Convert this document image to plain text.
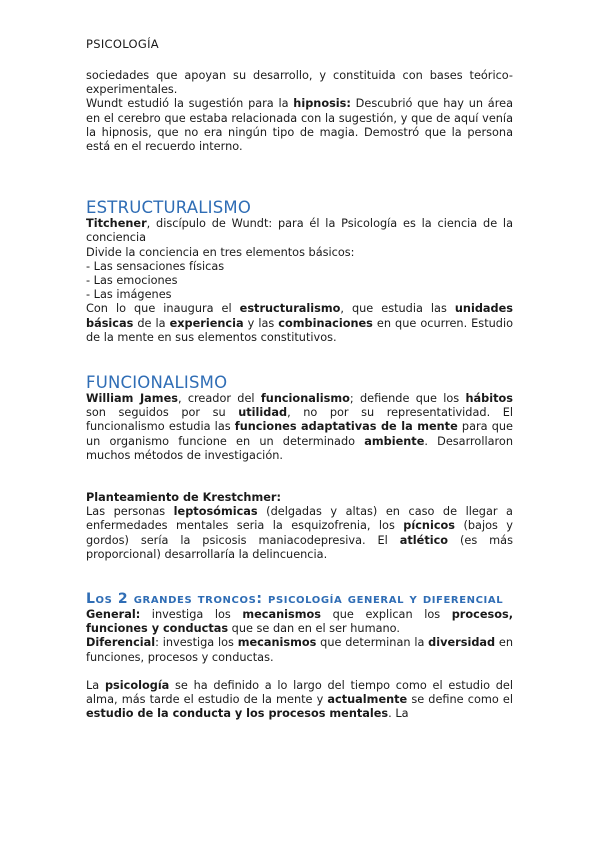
PSICOLOGÍA

sociedades que apoyan su desarrollo, y constituida con bases teórico-experimentales.

Wundt estudió la sugestión para la hipnosis: Descubrió que hay un área en el cerebro que estaba relacionada con la sugestión, y que de aquí venía la hipnosis, que no era ningún tipo de magia. Demostró que la persona está en el recuerdo interno.

ESTRUCTURALISMO

Titchener, discípulo de Wundt: para él la Psicología es la ciencia de la conciencia

Divide la conciencia en tres elementos básicos:

- Las sensaciones físicas

- Las emociones

- Las imágenes

Con lo que inaugura el estructuralismo, que estudia las unidades básicas de la experiencia y las combinaciones en que ocurren. Estudio de la mente en sus elementos constitutivos.

FUNCIONALISMO

William James, creador del funcionalismo; defiende que los hábitos son seguidos por su utilidad, no por su representatividad. El funcionalismo estudia las funciones adaptativas de la mente para que un organismo funcione en un determinado ambiente. Desarrollaron muchos métodos de investigación.

Planteamiento de Krestchmer:

Las personas leptosómicas (delgadas y altas) en caso de llegar a enfermedades mentales seria la esquizofrenia, los pícnicos (bajos y gordos) sería la psicosis maniacodepresiva. El atlético (es más proporcional) desarrollaría la delincuencia.

Los 2 grandes troncos: psicología general y diferencial

General: investiga los mecanismos que explican los procesos, funciones y conductas que se dan en el ser humano.

Diferencial: investiga los mecanismos que determinan la diversidad en funciones, procesos y conductas.

La psicología se ha definido a lo largo del tiempo como el estudio del alma, más tarde el estudio de la mente y actualmente se define como el estudio de la conducta y los procesos mentales. La
